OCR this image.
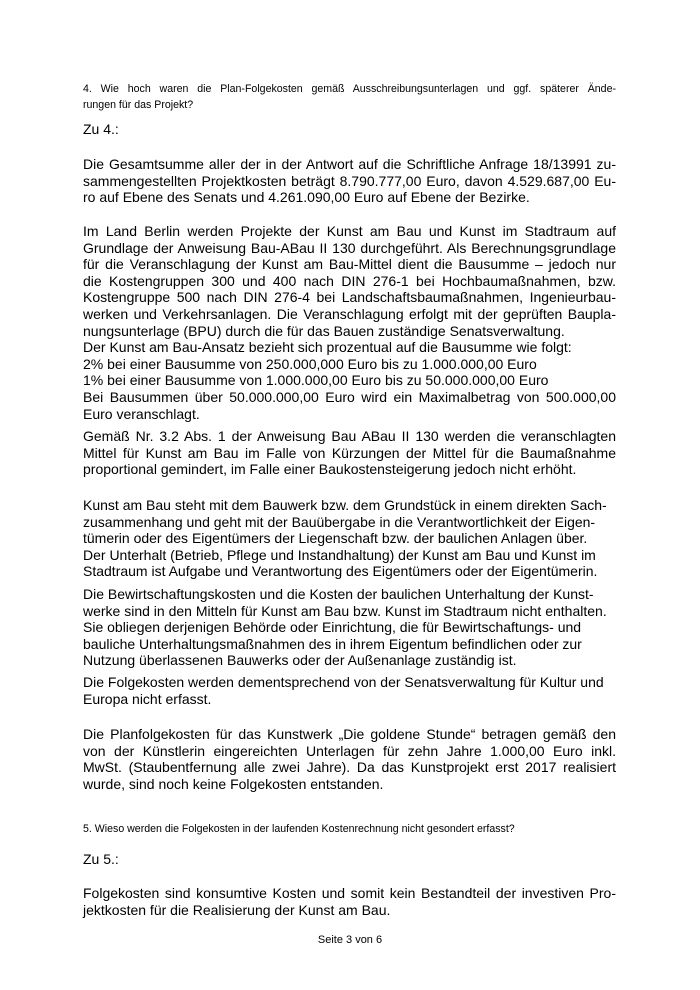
4. Wie hoch waren die Plan-Folgekosten gemäß Ausschreibungsunterlagen und ggf. späterer Ände-
rungen für das Projekt?
Zu 4.:
Die Gesamtsumme aller der in der Antwort auf die Schriftliche Anfrage 18/13991 zu-
sammengestellten Projektkosten beträgt 8.790.777,00 Euro, davon 4.529.687,00 Eu-
ro auf Ebene des Senats und 4.261.090,00 Euro auf Ebene der Bezirke.
Im Land Berlin werden Projekte der Kunst am Bau und Kunst im Stadtraum auf
Grundlage der Anweisung Bau-ABau II 130 durchgeführt. Als Berechnungsgrundlage
für die Veranschlagung der Kunst am Bau-Mittel dient die Bausumme – jedoch nur
die Kostengruppen 300 und 400 nach DIN 276-1 bei Hochbaumaßnahmen, bzw.
Kostengruppe 500 nach DIN 276-4 bei Landschaftsbaumaßnahmen, Ingenieurbau-
werken und Verkehrsanlagen. Die Veranschlagung erfolgt mit der geprüften Baupla-
nungsunterlage (BPU) durch die für das Bauen zuständige Senatsverwaltung.
Der Kunst am Bau-Ansatz bezieht sich prozentual auf die Bausumme wie folgt:
2% bei einer Bausumme von 250.000,000 Euro bis zu 1.000.000,00 Euro
1% bei einer Bausumme von 1.000.000,00 Euro bis zu 50.000.000,00 Euro
Bei Bausummen über 50.000.000,00 Euro wird ein Maximalbetrag von 500.000,00
Euro veranschlagt.
Gemäß Nr. 3.2 Abs. 1 der Anweisung Bau ABau II 130 werden die veranschlagten
Mittel für Kunst am Bau im Falle von Kürzungen der Mittel für die Baumaßnahme
proportional gemindert, im Falle einer Baukostensteigerung jedoch nicht erhöht.
Kunst am Bau steht mit dem Bauwerk bzw. dem Grundstück in einem direkten Sach-
zusammenhang und geht mit der Bauübergabe in die Verantwortlichkeit der Eigen-
tümerin oder des Eigentümers der Liegenschaft bzw. der baulichen Anlagen über.
Der Unterhalt (Betrieb, Pflege und Instandhaltung) der Kunst am Bau und Kunst im
Stadtraum ist Aufgabe und Verantwortung des Eigentümers oder der Eigentümerin.
Die Bewirtschaftungskosten und die Kosten der baulichen Unterhaltung der Kunst-
werke sind in den Mitteln für Kunst am Bau bzw. Kunst im Stadtraum nicht enthalten.
Sie obliegen derjenigen Behörde oder Einrichtung, die für Bewirtschaftungs- und
bauliche Unterhaltungsmaßnahmen des in ihrem Eigentum befindlichen oder zur
Nutzung überlassenen Bauwerks oder der Außenanlage zuständig ist.
Die Folgekosten werden dementsprechend von der Senatsverwaltung für Kultur und
Europa nicht erfasst.
Die Planfolgekosten für das Kunstwerk „Die goldene Stunde“ betragen gemäß den
von der Künstlerin eingereichten Unterlagen für zehn Jahre 1.000,00 Euro inkl.
MwSt. (Staubentfernung alle zwei Jahre). Da das Kunstprojekt erst 2017 realisiert
wurde, sind noch keine Folgekosten entstanden.
5. Wieso werden die Folgekosten in der laufenden Kostenrechnung nicht gesondert erfasst?
Zu 5.:
Folgekosten sind konsumtive Kosten und somit kein Bestandteil der investiven Pro-
jektkosten für die Realisierung der Kunst am Bau.
Seite 3 von 6
